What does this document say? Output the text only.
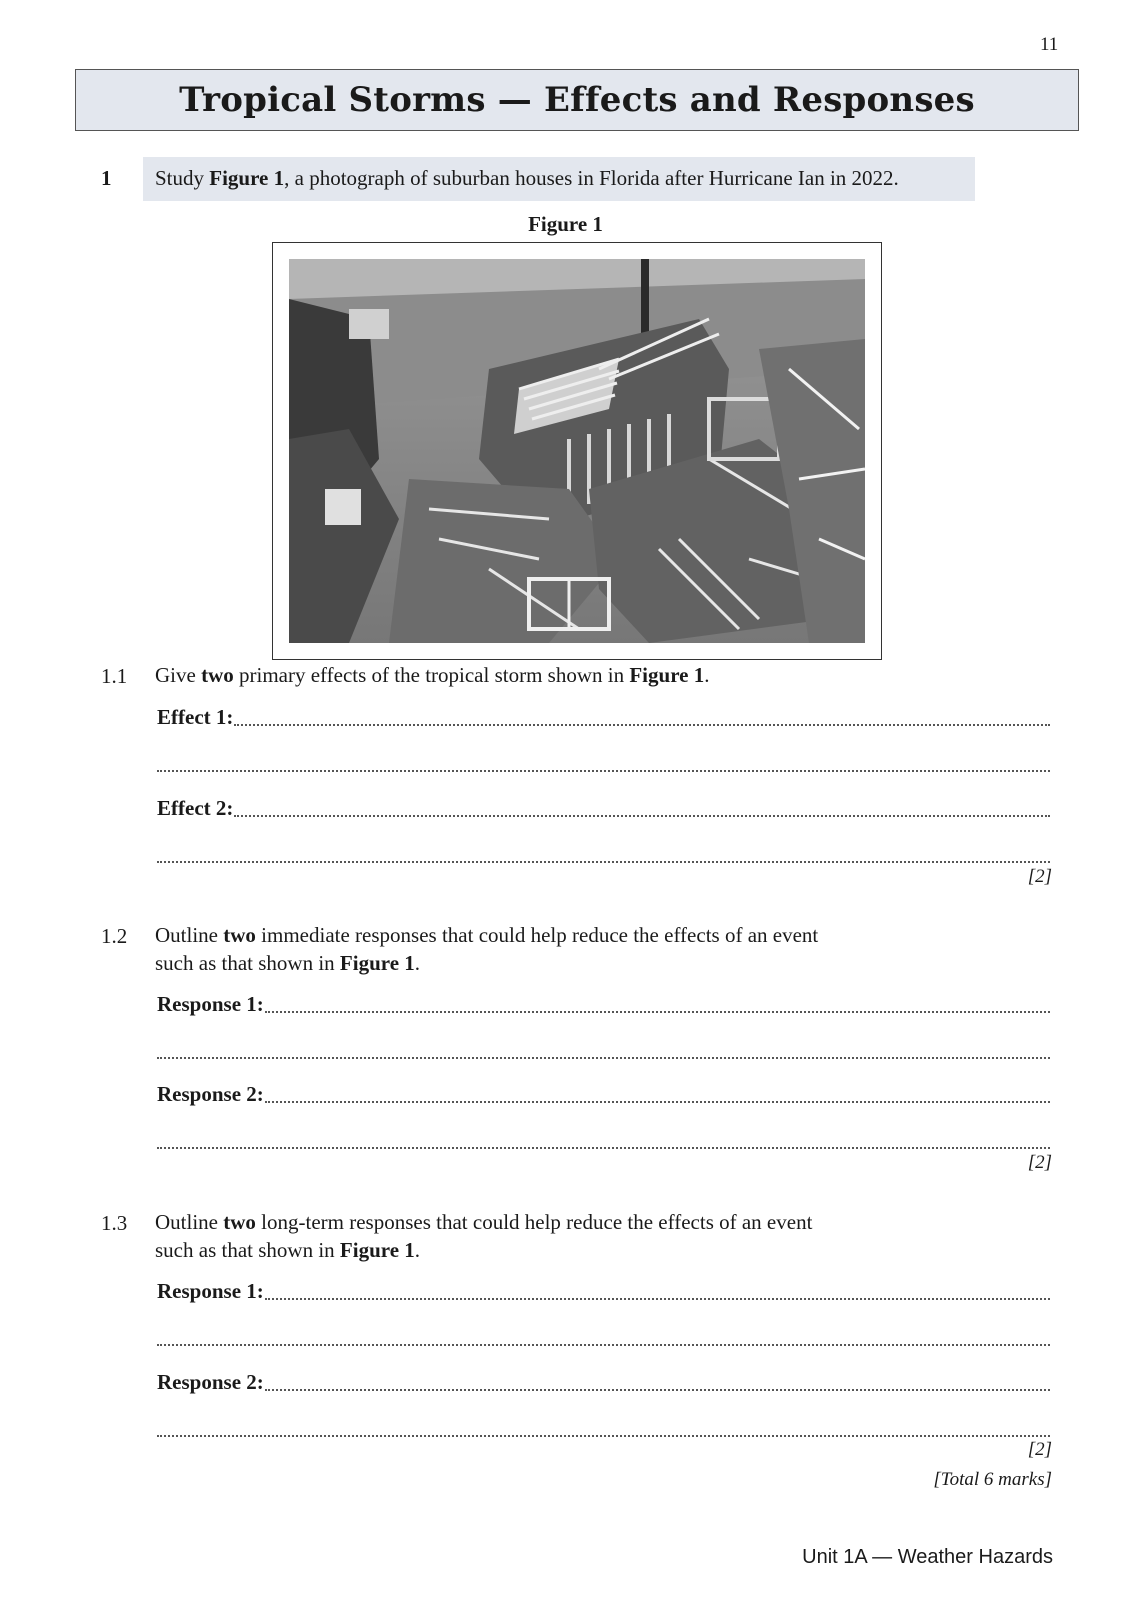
11
Tropical Storms — Effects and Responses
1 Study Figure 1, a photograph of suburban houses in Florida after Hurricane Ian in 2022.
Figure 1
1.1 Give two primary effects of the tropical storm shown in Figure 1.
Effect 1:
Effect 2:
[2]
1.2 Outline two immediate responses that could help reduce the effects of an event
such as that shown in Figure 1.
Response 1:
Response 2:
[2]
1.3 Outline two long-term responses that could help reduce the effects of an event
such as that shown in Figure 1.
Response 1:
Response 2:
[2]
[Total 6 marks]
Unit 1A — Weather Hazards
